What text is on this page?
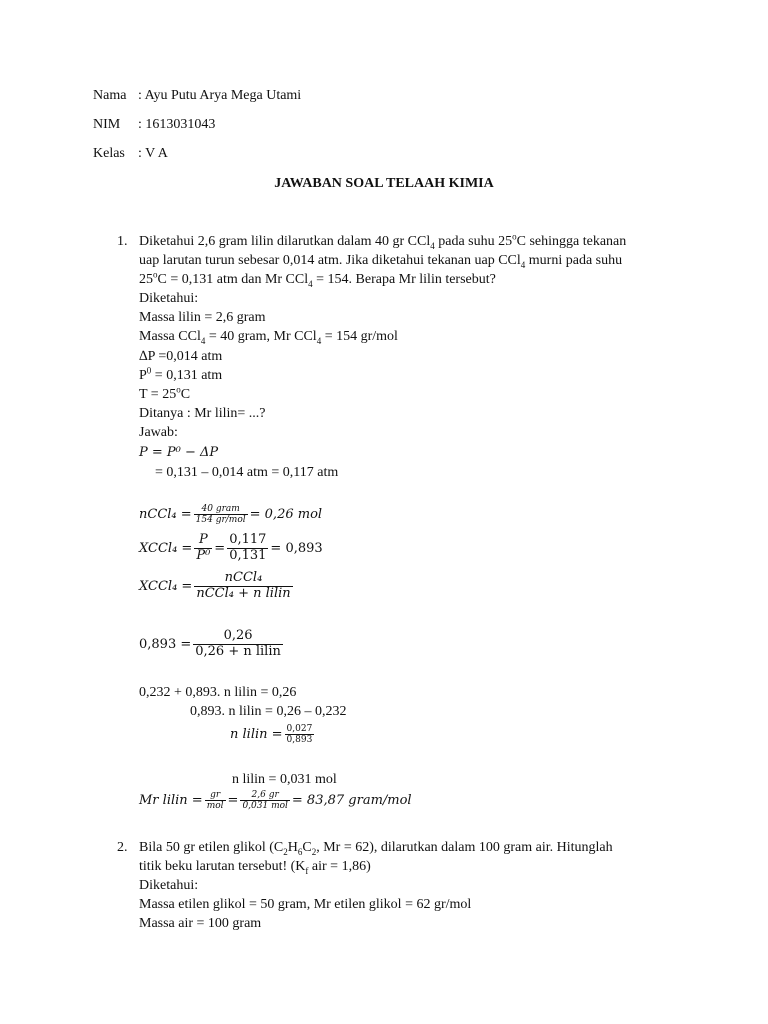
Nama : Ayu Putu Arya Mega Utami
NIM : 1613031043
Kelas : V A
JAWABAN SOAL TELAAH KIMIA
1. Diketahui 2,6 gram lilin dilarutkan dalam 40 gr CCl$_4$ pada suhu 25$^o$C sehingga tekanan
uap larutan turun sebesar 0,014 atm. Jika diketahui tekanan uap CCl$_4$ murni pada suhu
$25^oC = 0,131$ atm dan Mr CCl$_4$ = 154. Berapa Mr lilin tersebut?
Diketahui:
Massa lilin = 2,6 gram
Massa CCl$_4$ = 40 gram, Mr CCl$_4$ = 154 gr/mol
∆P =0,014 atm
$P^0 = 0,131$ atm
$T = 25^oC$
Ditanya : Mr lilin= ...?
Jawab:
P = P⁰ − ΔP
= 0,131 – 0,014 atm = 0,117 atm
nCCl₄ = $\frac{\text{40 gram}}{\text{154 gr/mol}} = 0,26$ mol
XCCl₄ = $\frac{P}{\text{P⁰}} = \frac{0,117}{0,131} = 0,893$
XCCl₄ = $\frac{\text{nCCl₄}}{\text{nCCl₄ + n lilin}}$
$0,893 = \frac{0,26}{\text{0,26 + n lilin}}$
0,232 + 0,893. n lilin = 0,26
0,893. n lilin = 0,26 – 0,232
n lilin = $\frac{0,027}{0,893}$
n lilin = 0,031 mol
Mr lilin = $\frac{gr}{\text{mol}} = \frac{2,6 gr}{\text{0,031 mol}} = 83,87$ gram/mol
2. Bila 50 gr etilen glikol ($C_2H_6C_2$, Mr = 62), dilarutkan dalam 100 gram air. Hitunglah
titik beku larutan tersebut! ($K_f$ air = 1,86)
Diketahui:
Massa etilen glikol = 50 gram, Mr etilen glikol = 62 gr/mol
Massa air = 100 gram
